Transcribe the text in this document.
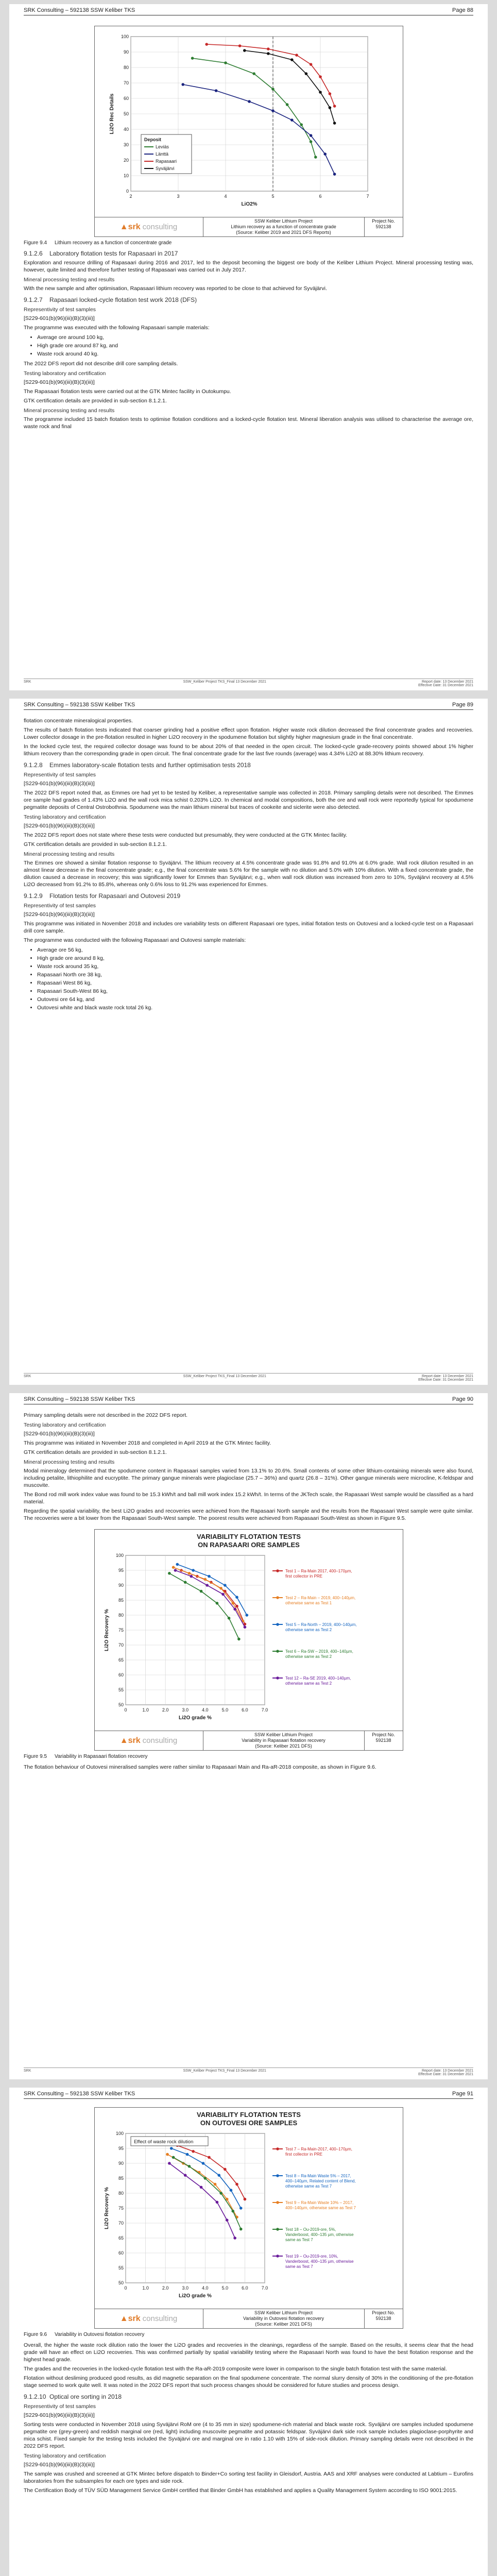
SRK Consulting – 592138 SSW Keliber TKS	Page 88
2	3	4	5	6	7
0
10
20
30
40
50
60
70
80
90
100
LiO2%
Li2O Rec Details
Deposit
Leviäs
Länttä
Rapasaari
Syväjärvi
▲srk consulting
SSW Keliber Lithium Project
Lithium recovery as a function of concentrate grade
(Source: Keliber 2019 and 2021 DFS Reports)
Project No.
592138
Figure 9.4 Lithium recovery as a function of concentrate grade
9.1.2.6 Laboratory flotation tests for Rapasaari in 2017

Exploration and resource drilling of Rapasaari during 2016 and 2017, led to the deposit becoming the biggest ore body of the Keliber Lithium Project. Mineral processing testing was, however, quite limited and therefore further testing of Rapasaari was carried out in July 2017.

Mineral processing testing and results

With the new sample and after optimisation, Rapasaari lithium recovery was reported to be close to that achieved for Syväjärvi.

9.1.2.7 Rapasaari locked-cycle flotation test work 2018 (DFS)
Representivity of test samples

[S229-601(b)(96)(iii)(B)(3)(iii)]

The programme was executed with the following Rapasaari sample materials:

• Average ore around 100 kg,
• High grade ore around 87 kg, and
• Waste rock around 40 kg.

The 2022 DFS report did not describe drill core sampling details.

Testing laboratory and certification

[S229-601(b)(96)(iii)(B)(3)(iii)]

The Rapasaari flotation tests were carried out at the GTK Mintec facility in Outokumpu.

GTK certification details are provided in sub-section 8.1.2.1.

Mineral processing testing and results

The programme included 15 batch flotation tests to optimise flotation conditions and a locked-cycle flotation test. Mineral liberation analysis was utilised to characterise the average ore, waste rock and final

SRK	SSW_Keliber Project TKS_Final 13 December 2021	Report date: 13 December 2021
Effective Date: 31 December 2021
SRK Consulting – 592138 SSW Keliber TKS	Page 89

flotation concentrate mineralogical properties.

The results of batch flotation tests indicated that coarser grinding had a positive effect upon flotation. Higher waste rock dilution decreased the final concentrate grades and recoveries. Lower collector dosage in the pre-flotation resulted in higher Li2O recovery in the spodumene flotation but slightly higher magnesium grade in the final concentrate.

In the locked cycle test, the required collector dosage was found to be about 20% of that needed in the open circuit. The locked-cycle grade-recovery points showed about 1% higher lithium recovery than the corresponding grade in open circuit. The final concentrate grade for the last five rounds (average) was 4.34% Li2O at 88.30% lithium recovery.

9.1.2.8 Emmes laboratory-scale flotation tests and further optimisation tests 2018
Representivity of test samples

[S229-601(b)(96)(iii)(B)(3)(iii)]

The 2022 DFS report noted that, as Emmes ore had yet to be tested by Keliber, a representative sample was collected in 2018. Primary sampling details were not described. The Emmes ore sample had grades of 1.43% Li2O and the wall rock mica schist 0.203% Li2O. In chemical and modal compositions, both the ore and wall rock were reportedly typical for spodumene pegmatite deposits of Central Ostrobothnia. Spodumene was the main lithium mineral but traces of cookeite and siclerite were also detected.

Testing laboratory and certification

[S229-601(b)(96)(iii)(B)(3)(iii)]

The 2022 DFS report does not state where these tests were conducted but presumably, they were conducted at the GTK Mintec facility.

GTK certification details are provided in sub-section 8.1.2.1.

Mineral processing testing and results

The Emmes ore showed a similar flotation response to Syväjärvi. The lithium recovery at 4.5% concentrate grade was 91.8% and 91.0% at 6.0% grade. Wall rock dilution resulted in an almost linear decrease in the final concentrate grade; e.g., the final concentrate was 5.6% for the sample with no dilution and 5.0% with 10% dilution. With a fixed concentrate grade, the dilution caused a decrease in recovery; this was significantly lower for Emmes than Syväjärvi; e.g., when wall rock dilution was increased from zero to 10%, Syväjärvi recovery at 4.5% Li2O decreased from 91.2% to 85.8%, whereas only 0.6% loss to 91.2% was experienced for Emmes.

9.1.2.9 Flotation tests for Rapasaari and Outovesi 2019
Representivity of test samples

[S229-601(b)(96)(iii)(B)(3)(iii)]

This programme was initiated in November 2018 and includes ore variability tests on different Rapasaari ore types, initial flotation tests on Outovesi and a locked-cycle test on a Rapasaari drill core sample.

The programme was conducted with the following Rapasaari and Outovesi sample materials:

• Average ore 56 kg,
• High grade ore around 8 kg,
• Waste rock around 35 kg,
• Rapasaari North ore 38 kg,
• Rapasaari West 86 kg,
• Rapasaari South-West 86 kg,
• Outovesi ore 64 kg, and
• Outovesi white and black waste rock total 26 kg.
SRK	SSW_Keliber Project TKS_Final 13 December 2021	Report date: 13 December 2021
Effective Date: 31 December 2021
SRK Consulting – 592138 SSW Keliber TKS	Page 90

Primary sampling details were not described in the 2022 DFS report.

Testing laboratory and certification

[S229-601(b)(96)(iii)(B)(3)(iii)]

This programme was initiated in November 2018 and completed in April 2019 at the GTK Mintec facility.

GTK certification details are provided in sub-section 8.1.2.1.

Mineral processing testing and results

Modal mineralogy determined that the spodumene content in Rapasaari samples varied from 13.1% to 20.6%. Small contents of some other lithium-containing minerals were also found, including petalite, lithiophilite and eucryptite. The primary gangue minerals were plagioclase (25.7 – 36%) and quartz (26.8 – 31%). Other gangue minerals were microcline, K-feldspar and muscovite.

The Bond rod mill work index value was found to be 15.3 kWh/t and ball mill work index 15.2 kWh/t. In terms of the JKTech scale, the Rapasaari West sample would be classified as a hard material.

Regarding the spatial variability, the best Li2O grades and recoveries were achieved from the Rapasaari North sample and the results from the Rapasaari West sample were quite similar. The recoveries were a bit lower from the Rapasaari South-West sample. The poorest results were achieved from Rapasaari South-West as shown in Figure 9.5.

VARIABILITY FLOTATION TESTS
ON RAPASAARI ORE SAMPLES
0	1.0	2.0	3.0	4.0	5.0	6.0	7.0
50
55
60
65
70
75
80
85
90
95
100
Li2O grade %
Li2O Recovery %
Test 1 – Ra-Main 2017, 400–170µm, first collector in PRE
Test 2 – Ra-Main – 2019, 400–140µm, otherwise same as Test 1
Test 5 – Ra-North – 2019, 400–140µm, otherwise same as Test 2
Test 6 – Ra-SW – 2019, 400–140µm, otherwise same as Test 2
Test 12 – Ra-SE 2019, 400–140µm, otherwise same as Test 2
▲srk consulting
SSW Keliber Lithium Project
Variability in Rapasaari flotation recovery
(Source: Keliber 2021 DFS)
Project No.
592138
Figure 9.5 Variability in Rapasaari flotation recovery

The flotation behaviour of Outovesi mineralised samples were rather similar to Rapasaari Main and Ra-aR-2018 composite, as shown in Figure 9.6.

SRK	SSW_Keliber Project TKS_Final 13 December 2021	Report date: 13 December 2021
Effective Date: 31 December 2021
SRK Consulting – 592138 SSW Keliber TKS	Page 91
VARIABILITY FLOTATION TESTS
ON OUTOVESI ORE SAMPLES
0	1.0	2.0	3.0	4.0	5.0	6.0	7.0
50
55
60
65
70
75
80
85
90
95
100
Li2O grade %
Li2O Recovery %
Effect of waste rock dilution
Test 7 – Ra-Main-2017, 400–170µm, first collector in PRE
Test 8 – Ra-Main Waste 5% – 2017, 400–140µm, Related content of Blend, otherwise same as Test 7
Test 9 – Ra-Main Waste 10% – 2017, 400–140µm, otherwise same as Test 7
Test 18 – Ou-2019-ore, 5%, Vanderboost, 400–135 µm, otherwise same as Test 7
Test 19 – Ou-2019-ore, 10%, Vanderboost, 400–135 µm, otherwise same as Test 7
▲srk consulting
SSW Keliber Lithium Project
Variability in Outovesi flotation recovery
(Source: Keliber 2021 DFS)
Project No.
592138
Figure 9.6 Variability in Outovesi flotation recovery

Overall, the higher the waste rock dilution ratio the lower the Li2O grades and recoveries in the cleanings, regardless of the sample. Based on the results, it seems clear that the head grade will have an effect on Li2O recoveries. This was confirmed partially by spatial variability testing where the Rapasaari North was found to have the best flotation response and the highest head grade.

The grades and the recoveries in the locked-cycle flotation test with the Ra-aR-2019 composite were lower in comparison to the single batch flotation test with the same material.

Flotation without desliming produced good results, as did magnetic separation on the final spodumene concentrate. The normal slurry density of 30% in the conditioning of the pre-flotation stage seemed to work quite well. It was noted in the 2022 DFS report that such process changes should be considered for future studies and process design.

9.1.2.10 Optical ore sorting in 2018
Representivity of test samples

[S229-601(b)(96)(iii)(B)(3)(iii)]

Sorting tests were conducted in November 2018 using Syväjärvi RoM ore (4 to 35 mm in size) spodumene-rich material and black waste rock. Syväjärvi ore samples included spodumene pegmatite ore (grey-green) and reddish marginal ore (red, light) including muscovite pegmatite and potassic feldspar. Syväjärvi dark side rock sample includes plagioclase-porphyrite and mica schist. Fixed sample for the testing tests included the Syväjärvi ore and marginal ore in ratio 1.10 with 15% of side-rock dilution. Primary sampling details were not described in the 2022 DFS report.

Testing laboratory and certification

[S229-601(b)(96)(iii)(B)(3)(iii)]

The sample was crushed and screened at GTK Mintec before dispatch to Binder+Co sorting test facility in Gleisdorf, Austria. AAS and XRF analyses were conducted at Labtium – Eurofins laboratories from the subsamples for each ore types and side rock.

The Certification Body of TÜV SÜD Management Service GmbH certified that Binder GmbH has established and applies a Quality Management System according to ISO 9001:2015.
